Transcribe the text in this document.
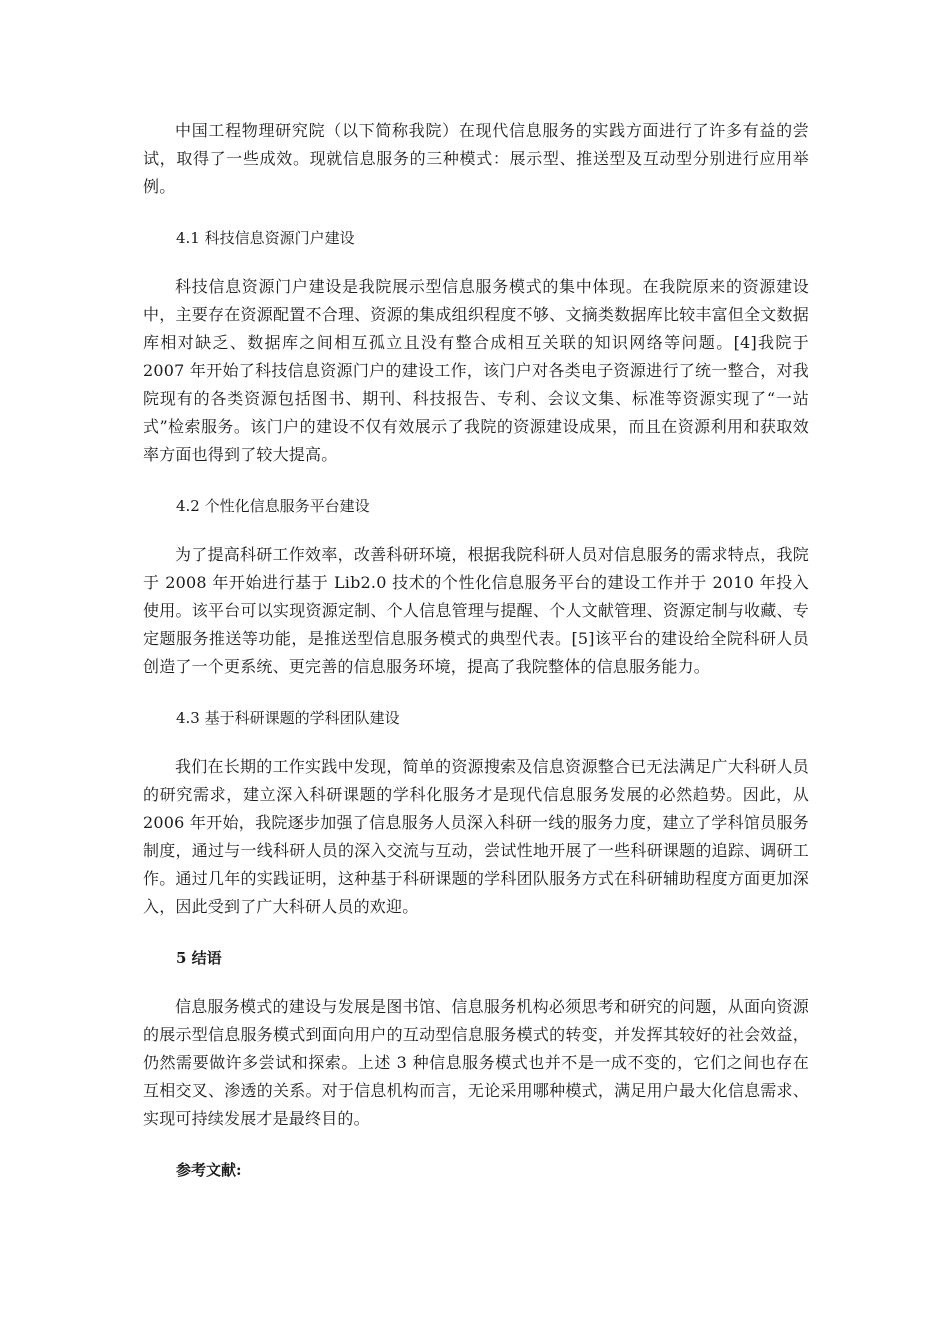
中国工程物理研究院（以下简称我院）在现代信息服务的实践方面进行了许多有益的尝试，取得了一些成效。现就信息服务的三种模式：展示型、推送型及互动型分别进行应用举例。

4.1 科技信息资源门户建设

科技信息资源门户建设是我院展示型信息服务模式的集中体现。在我院原来的资源建设中，主要存在资源配置不合理、资源的集成组织程度不够、文摘类数据库比较丰富但全文数据库相对缺乏、数据库之间相互孤立且没有整合成相互关联的知识网络等问题。[4]我院于 2007 年开始了科技信息资源门户的建设工作，该门户对各类电子资源进行了统一整合，对我院现有的各类资源包括图书、期刊、科技报告、专利、会议文集、标准等资源实现了“一站式”检索服务。该门户的建设不仅有效展示了我院的资源建设成果，而且在资源利用和获取效率方面也得到了较大提高。

4.2 个性化信息服务平台建设

为了提高科研工作效率，改善科研环境，根据我院科研人员对信息服务的需求特点，我院于 2008 年开始进行基于 Lib2.0 技术的个性化信息服务平台的建设工作并于 2010 年投入使用。该平台可以实现资源定制、个人信息管理与提醒、个人文献管理、资源定制与收藏、专定题服务推送等功能，是推送型信息服务模式的典型代表。[5]该平台的建设给全院科研人员创造了一个更系统、更完善的信息服务环境，提高了我院整体的信息服务能力。

4.3 基于科研课题的学科团队建设

我们在长期的工作实践中发现，简单的资源搜索及信息资源整合已无法满足广大科研人员的研究需求，建立深入科研课题的学科化服务才是现代信息服务发展的必然趋势。因此，从 2006 年开始，我院逐步加强了信息服务人员深入科研一线的服务力度，建立了学科馆员服务制度，通过与一线科研人员的深入交流与互动，尝试性地开展了一些科研课题的追踪、调研工作。通过几年的实践证明，这种基于科研课题的学科团队服务方式在科研辅助程度方面更加深入，因此受到了广大科研人员的欢迎。

5 结语

信息服务模式的建设与发展是图书馆、信息服务机构必须思考和研究的问题，从面向资源的展示型信息服务模式到面向用户的互动型信息服务模式的转变，并发挥其较好的社会效益，仍然需要做许多尝试和探索。上述 3 种信息服务模式也并不是一成不变的，它们之间也存在互相交叉、渗透的关系。对于信息机构而言，无论采用哪种模式，满足用户最大化信息需求、实现可持续发展才是最终目的。

参考文献:
